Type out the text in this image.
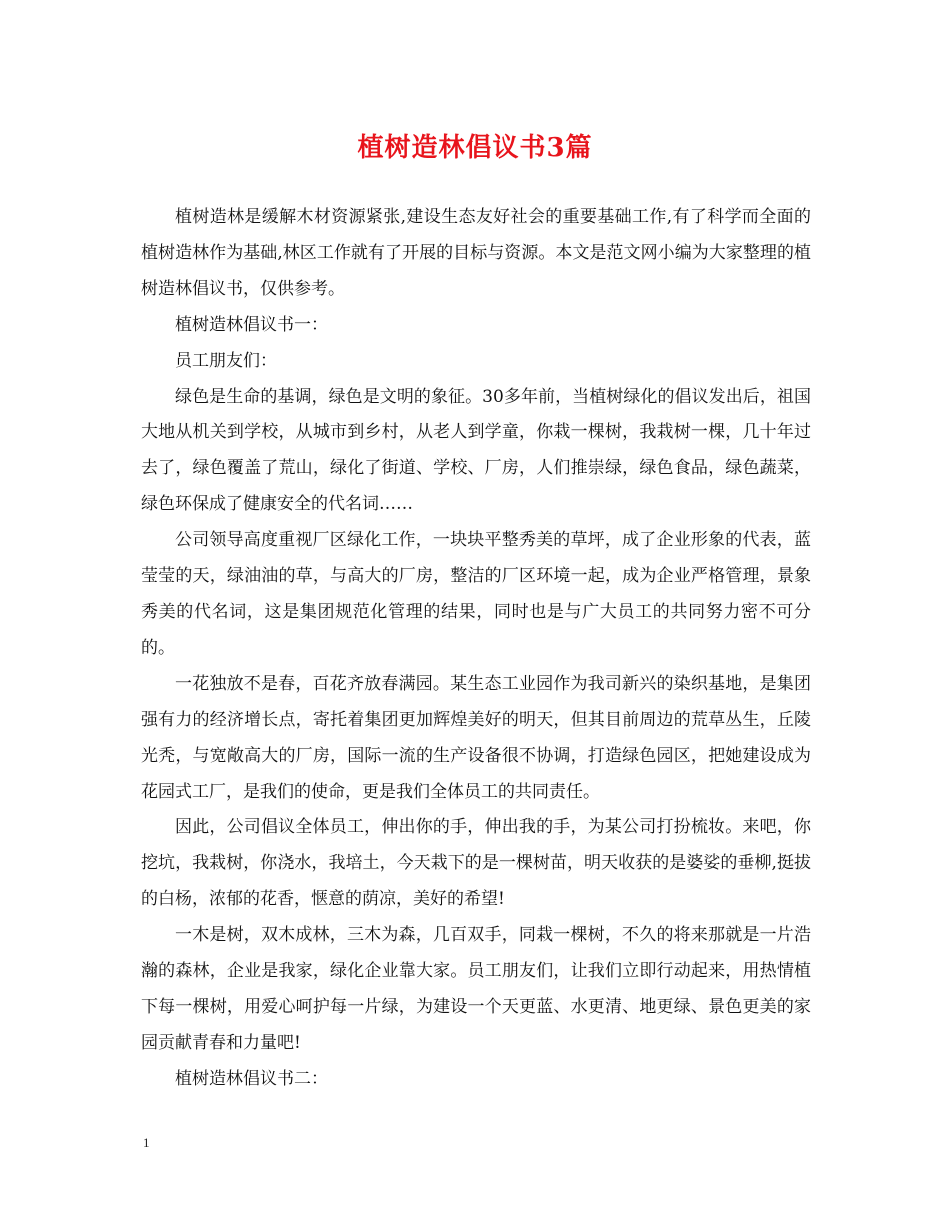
植树造林倡议书3篇

植树造林是缓解木材资源紧张,建设生态友好社会的重要基础工作,有了科学而全面的植树造林作为基础,林区工作就有了开展的目标与资源。本文是范文网小编为大家整理的植树造林倡议书，仅供参考。

植树造林倡议书一：

员工朋友们：

绿色是生命的基调，绿色是文明的象征。30多年前，当植树绿化的倡议发出后，祖国大地从机关到学校，从城市到乡村，从老人到学童，你栽一棵树，我栽树一棵，几十年过去了，绿色覆盖了荒山，绿化了街道、学校、厂房，人们推崇绿，绿色食品，绿色蔬菜，绿色环保成了健康安全的代名词……

公司领导高度重视厂区绿化工作，一块块平整秀美的草坪，成了企业形象的代表，蓝莹莹的天，绿油油的草，与高大的厂房，整洁的厂区环境一起，成为企业严格管理，景象秀美的代名词，这是集团规范化管理的结果，同时也是与广大员工的共同努力密不可分的。

一花独放不是春，百花齐放春满园。某生态工业园作为我司新兴的染织基地，是集团强有力的经济增长点，寄托着集团更加辉煌美好的明天，但其目前周边的荒草丛生，丘陵光秃，与宽敞高大的厂房，国际一流的生产设备很不协调，打造绿色园区，把她建设成为花园式工厂，是我们的使命，更是我们全体员工的共同责任。

因此，公司倡议全体员工，伸出你的手，伸出我的手，为某公司打扮梳妆。来吧，你挖坑，我栽树，你浇水，我培土，今天栽下的是一棵树苗，明天收获的是婆娑的垂柳,挺拔的白杨，浓郁的花香，惬意的荫凉，美好的希望!

一木是树，双木成林，三木为森，几百双手，同栽一棵树，不久的将来那就是一片浩瀚的森林，企业是我家，绿化企业靠大家。员工朋友们，让我们立即行动起来，用热情植下每一棵树，用爱心呵护每一片绿，为建设一个天更蓝、水更清、地更绿、景色更美的家园贡献青春和力量吧!

植树造林倡议书二：

1
